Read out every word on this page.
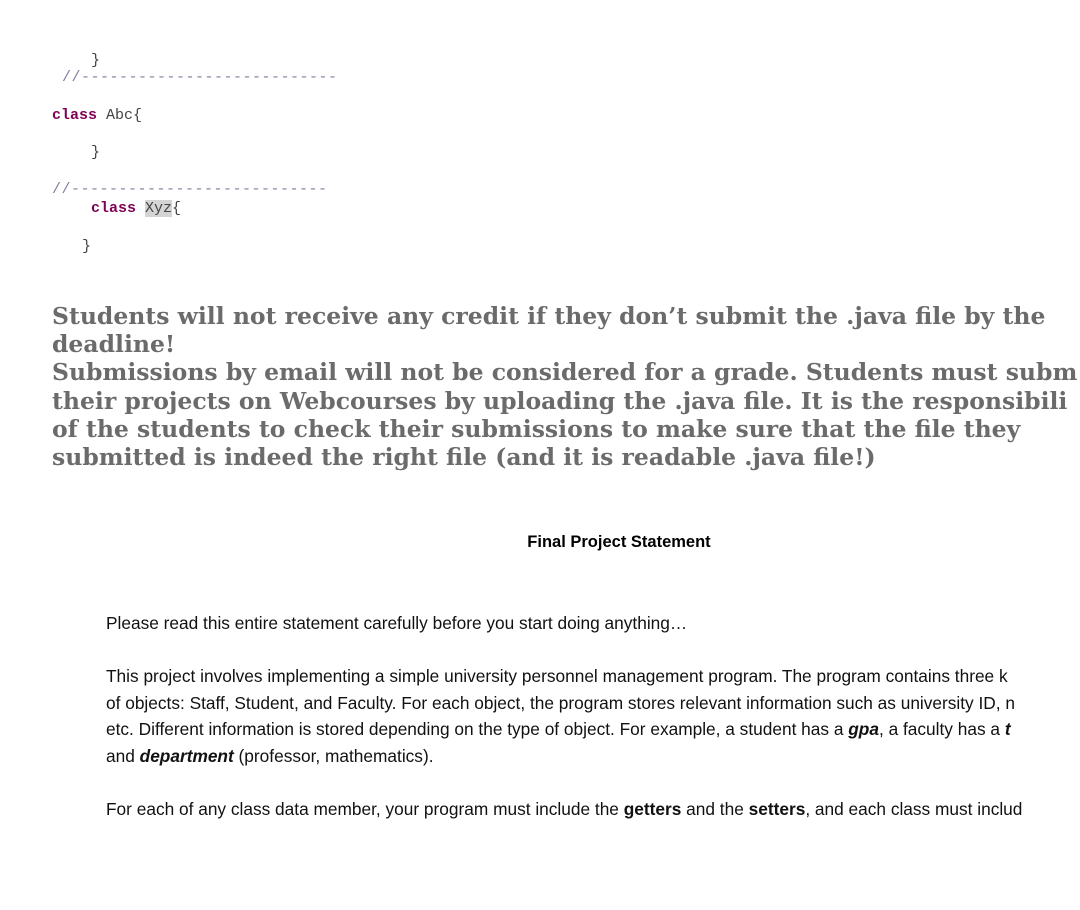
}
//---------------------------
class Abc{
}
//---------------------------
class Xyz{
}
Students will not receive any credit if they don’t submit the .java file by the
deadline!
Submissions by email will not be considered for a grade. Students must subm
their projects on Webcourses by uploading the .java file. It is the responsibili
of the students to check their submissions to make sure that the file they
submitted is indeed the right file (and it is readable .java file!)
Final Project Statement
Please read this entire statement carefully before you start doing anything…
This project involves implementing a simple university personnel management program. The program contains three k
of objects: Staff, Student, and Faculty. For each object, the program stores relevant information such as university ID, n
etc. Different information is stored depending on the type of object. For example, a student has a gpa, a faculty has a t
and department (professor, mathematics).
For each of any class data member, your program must include the getters and the setters, and each class must includ
